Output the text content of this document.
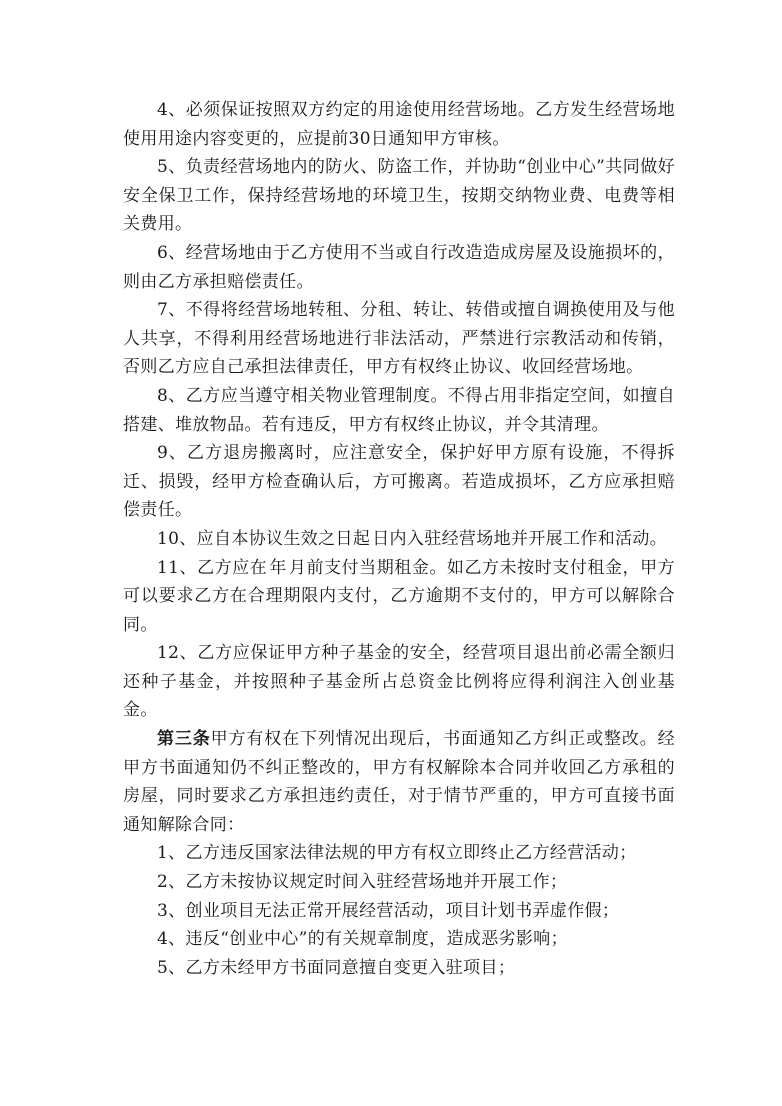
4、必须保证按照双方约定的用途使用经营场地。乙方发生经营场地使用用途内容变更的，应提前30日通知甲方审核。

5、负责经营场地内的防火、防盗工作，并协助“创业中心”共同做好安全保卫工作，保持经营场地的环境卫生，按期交纳物业费、电费等相关费用。

6、经营场地由于乙方使用不当或自行改造造成房屋及设施损坏的，则由乙方承担赔偿责任。

7、不得将经营场地转租、分租、转让、转借或擅自调换使用及与他人共享，不得利用经营场地进行非法活动，严禁进行宗教活动和传销，否则乙方应自己承担法律责任，甲方有权终止协议、收回经营场地。

8、乙方应当遵守相关物业管理制度。不得占用非指定空间，如擅自搭建、堆放物品。若有违反，甲方有权终止协议，并令其清理。

9、乙方退房搬离时，应注意安全，保护好甲方原有设施，不得拆迁、损毁，经甲方检查确认后，方可搬离。若造成损坏，乙方应承担赔偿责任。

10、应自本协议生效之日起 日内入驻经营场地并开展工作和活动。

11、乙方应在 年 月前支付当期租金。如乙方未按时支付租金，甲方可以要求乙方在合理期限内支付，乙方逾期不支付的，甲方可以解除合同。

12、乙方应保证甲方种子基金的安全，经营项目退出前必需全额归还种子基金，并按照种子基金所占总资金比例将应得利润注入创业基金。

第三条甲方有权在下列情况出现后，书面通知乙方纠正或整改。经甲方书面通知仍不纠正整改的，甲方有权解除本合同并收回乙方承租的房屋，同时要求乙方承担违约责任，对于情节严重的，甲方可直接书面通知解除合同：

1、乙方违反国家法律法规的甲方有权立即终止乙方经营活动；

2、乙方未按协议规定时间入驻经营场地并开展工作；

3、创业项目无法正常开展经营活动，项目计划书弄虚作假；

4、违反“创业中心”的有关规章制度，造成恶劣影响；

5、乙方未经甲方书面同意擅自变更入驻项目；
